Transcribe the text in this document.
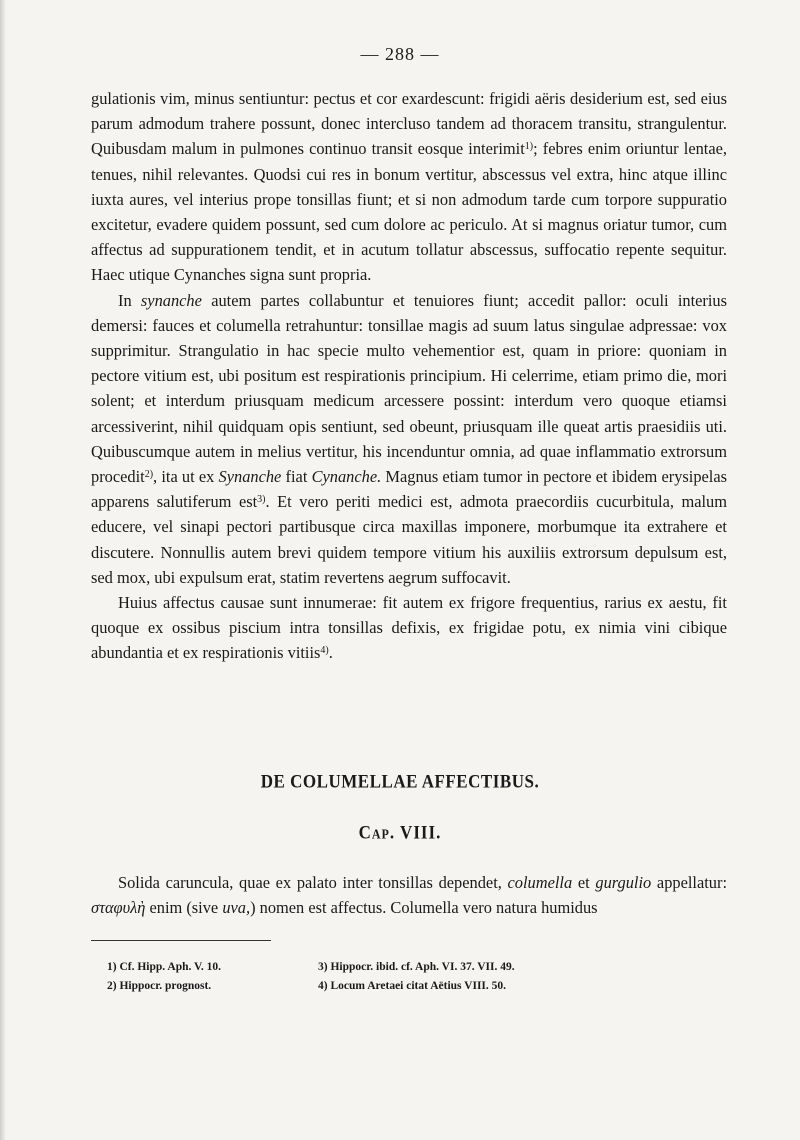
— 288 —

gulationis vim, minus sentiuntur: pectus et cor exardescunt: frigidi aëris desiderium est, sed eius parum admodum trahere possunt, donec intercluso tandem ad thoracem transitu, strangulentur. Quibusdam malum in pulmones continuo transit eosque interimit$^{1)}$; febres enim oriuntur lentae, tenues, nihil relevantes. Quodsi cui res in bonum vertitur, abscessus vel extra, hinc atque illinc iuxta aures, vel interius prope tonsillas fiunt; et si non admodum tarde cum torpore suppuratio excitetur, evadere quidem possunt, sed cum dolore ac periculo. At si magnus oriatur tumor, cum affectus ad suppurationem tendit, et in acutum tollatur abscessus, suffocatio repente sequitur. Haec utique Cynanches signa sunt propria.

In synanche autem partes collabuntur et tenuiores fiunt; accedit pallor: oculi interius demersi: fauces et columella retrahuntur: tonsillae magis ad suum latus singulae adpressae: vox supprimitur. Strangulatio in hac specie multo vehementior est, quam in priore: quoniam in pectore vitium est, ubi positum est respirationis principium. Hi celerrime, etiam primo die, mori solent; et interdum priusquam medicum arcessere possint: interdum vero quoque etiamsi arcessiverint, nihil quidquam opis sentiunt, sed obeunt, priusquam ille queat artis praesidiis uti. Quibuscumque autem in melius vertitur, his incenduntur omnia, ad quae inflammatio extrorsum procedit$^{2)}$, ita ut ex Synanche fiat Cynanche. Magnus etiam tumor in pectore et ibidem erysipelas apparens salutiferum est$^{3)}$. Et vero periti medici est, admota praecordiis cucurbitula, malum educere, vel sinapi pectori partibusque circa maxillas imponere, morbumque ita extrahere et discutere. Nonnullis autem brevi quidem tempore vitium his auxiliis extrorsum depulsum est, sed mox, ubi expulsum erat, statim revertens aegrum suffocavit.

Huius affectus causae sunt innumerae: fit autem ex frigore frequentius, rarius ex aestu, fit quoque ex ossibus piscium intra tonsillas defixis, ex frigidae potu, ex nimia vini cibique abundantia et ex respirationis vitiis$^{4)}$.

DE COLUMELLAE AFFECTIBUS.
Cap. VIII.

Solida caruncula, quae ex palato inter tonsillas dependet, columella et gurgulio appellatur: σταφυλὴ enim (sive uva,) nomen est affectus. Columella vero natura humidus

1) Cf. Hipp. Aph. V. 10.
2) Hippocr. prognost.
3) Hippocr. ibid. cf. Aph. VI. 37. VII. 49.
4) Locum Aretaei citat Aëtius VIII. 50.
